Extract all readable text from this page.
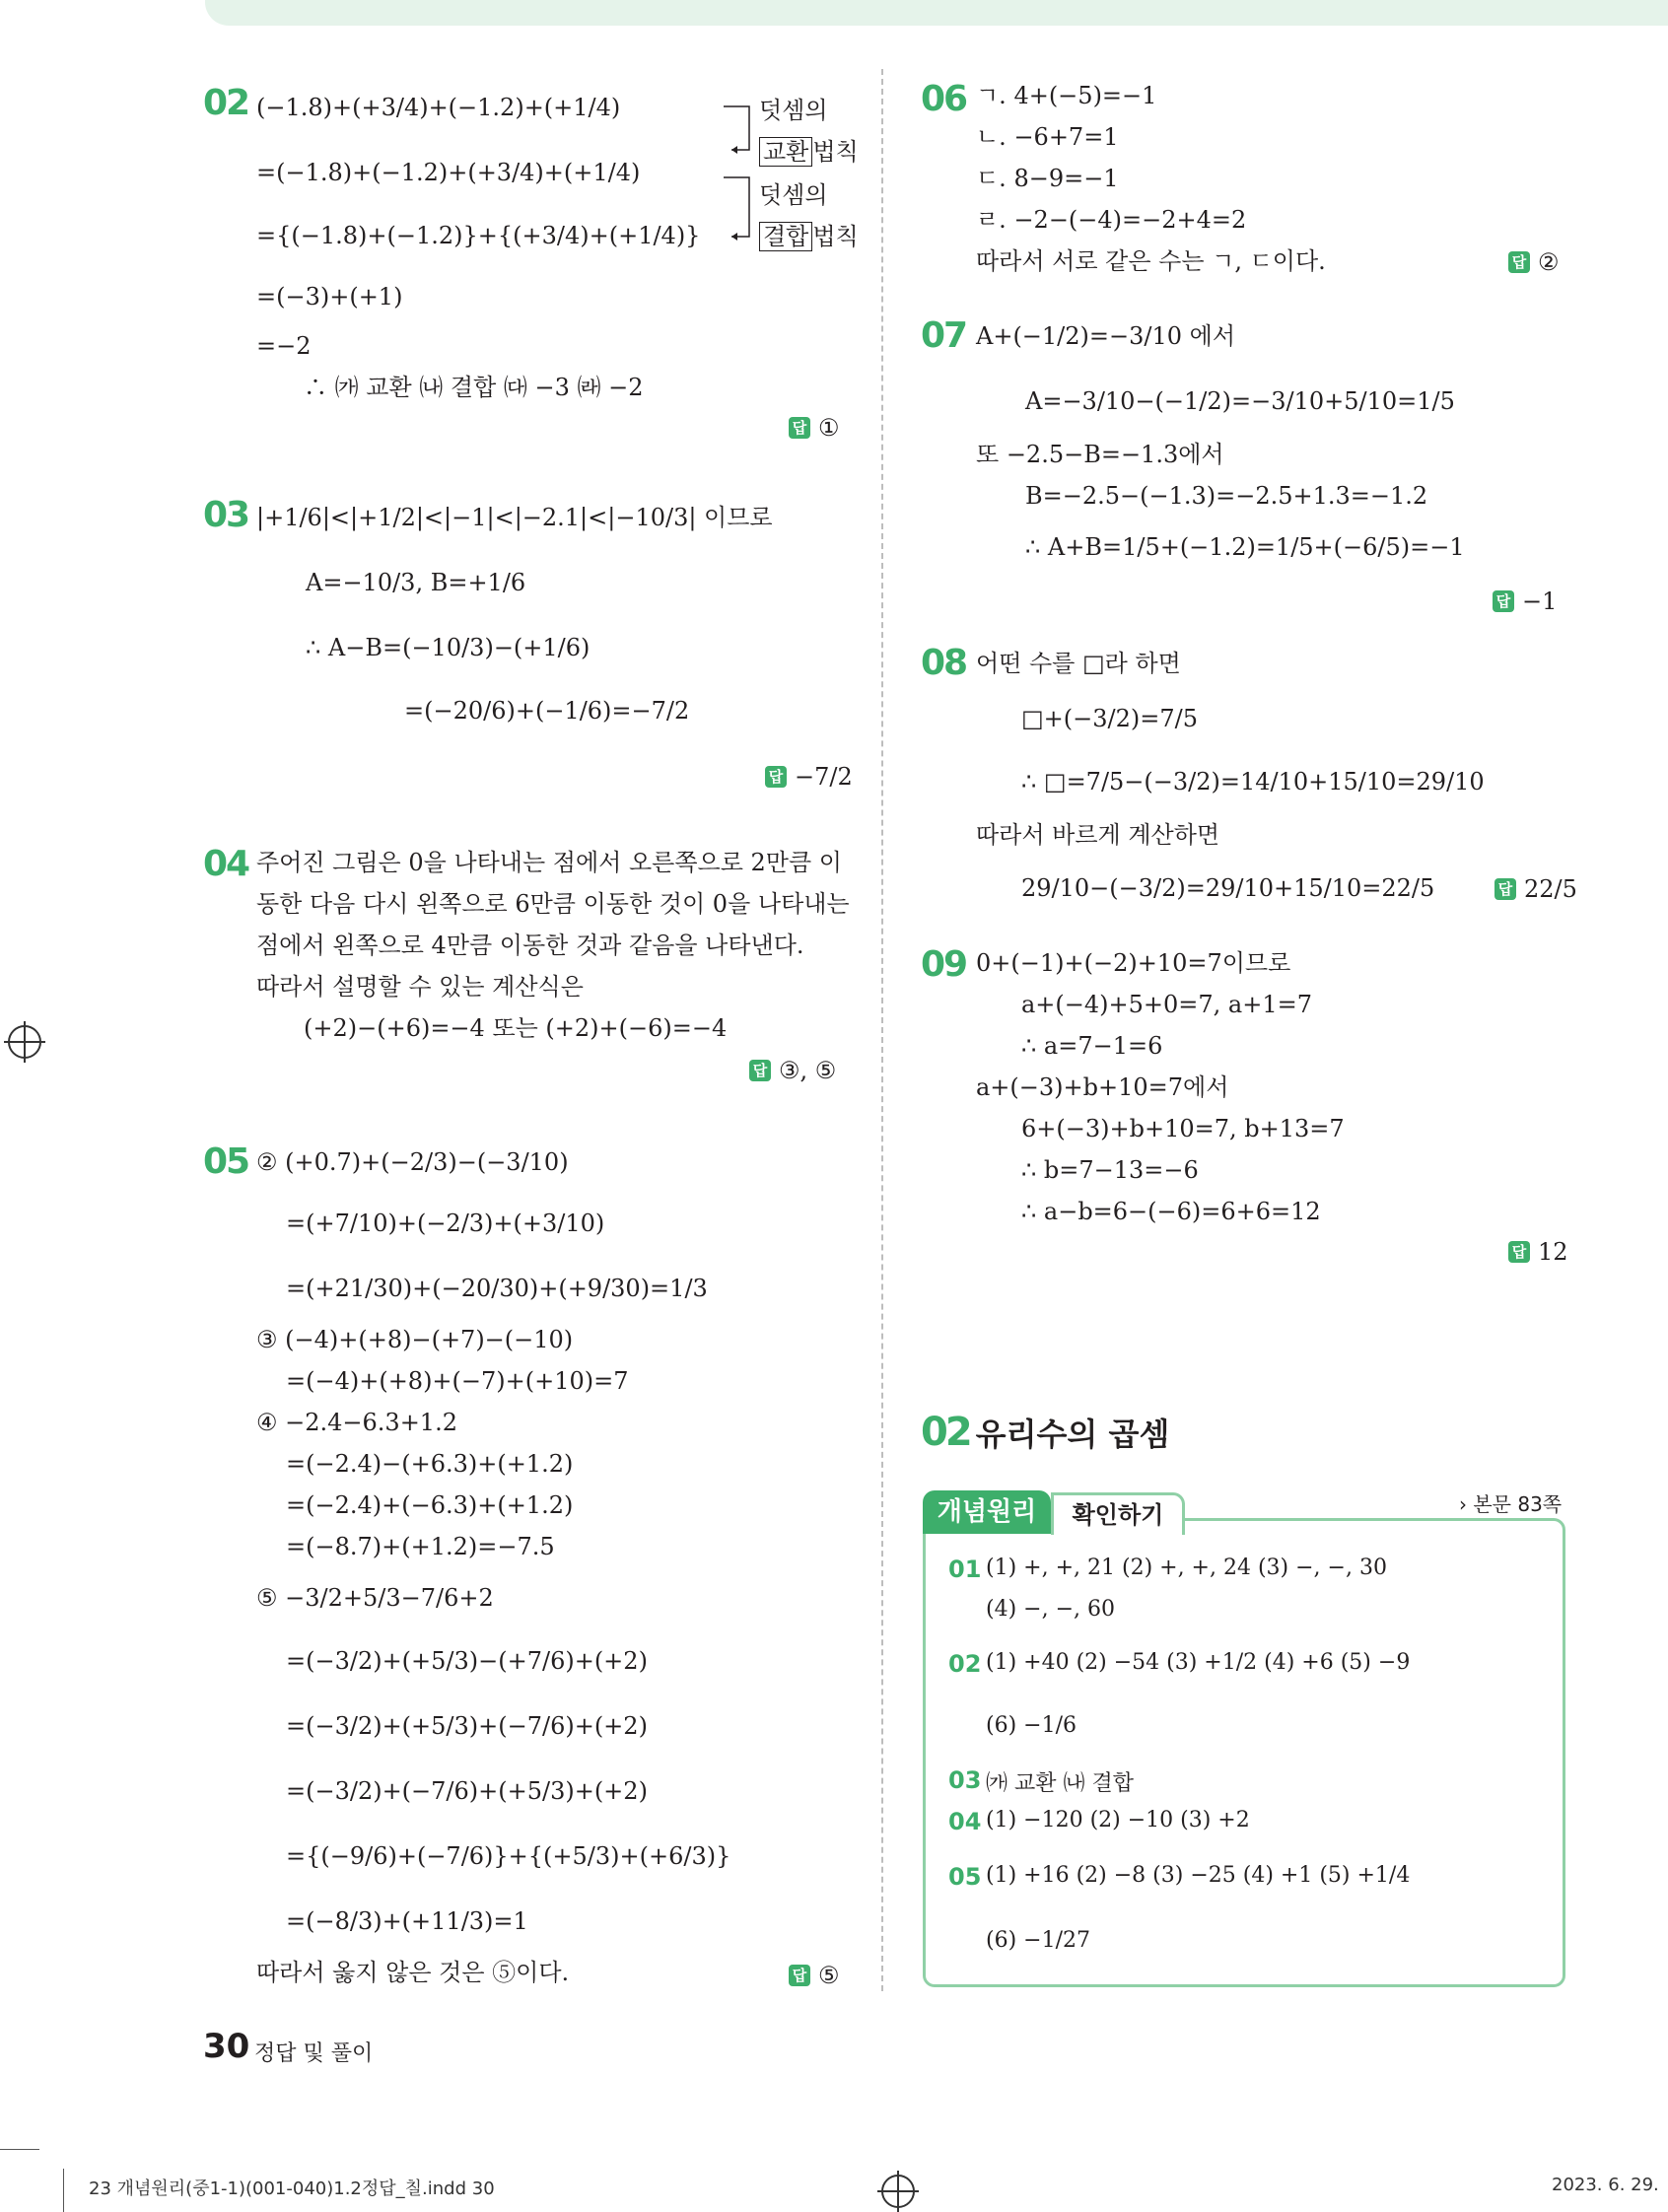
02 (−1.8)+(+3/4)+(−1.2)+(+1/4)
=(−1.8)+(−1.2)+(+3/4)+(+1/4)
={(−1.8)+(−1.2)}+{(+3/4)+(+1/4)}
=(−3)+(+1)
=−2
∴ ㈎ 교환 ㈏ 결합 ㈐ −3 ㈑ −2
덧셈의
교환 법칙
덧셈의
결합 법칙
답 ①
03 |+1/6|<|+1/2|<|−1|<|−2.1|<|−10/3| 이므로
A=−10/3, B=+1/6
∴ A−B=(−10/3)−(+1/6)
=(−20/6)+(−1/6)=−7/2
답 −7/2
04 주어진 그림은 0을 나타내는 점에서 오른쪽으로 2만큼 이
동한 다음 다시 왼쪽으로 6만큼 이동한 것이 0을 나타내는
점에서 왼쪽으로 4만큼 이동한 것과 같음을 나타낸다.
따라서 설명할 수 있는 계산식은
(+2)−(+6)=−4 또는 (+2)+(−6)=−4
답 ③, ⑤
05 ② (+0.7)+(−2/3)−(−3/10)
=(+7/10)+(−2/3)+(+3/10)
=(+21/30)+(−20/30)+(+9/30)=1/3
③ (−4)+(+8)−(+7)−(−10)
=(−4)+(+8)+(−7)+(+10)=7
④ −2.4−6.3+1.2
=(−2.4)−(+6.3)+(+1.2)
=(−2.4)+(−6.3)+(+1.2)
=(−8.7)+(+1.2)=−7.5
⑤ −3/2+5/3−7/6+2
=(−3/2)+(+5/3)−(+7/6)+(+2)
=(−3/2)+(+5/3)+(−7/6)+(+2)
=(−3/2)+(−7/6)+(+5/3)+(+2)
={(−9/6)+(−7/6)}+{(+5/3)+(+6/3)}
=(−8/3)+(+11/3)=1
따라서 옳지 않은 것은 ⑤이다.	답 ⑤
06 ㄱ. 4+(−5)=−1
ㄴ. −6+7=1
ㄷ. 8−9=−1
ㄹ. −2−(−4)=−2+4=2
따라서 서로 같은 수는 ㄱ, ㄷ이다.	답 ②
07 A+(−1/2)=−3/10 에서
A=−3/10−(−1/2)=−3/10+5/10=1/5
또 −2.5−B=−1.3에서
B=−2.5−(−1.3)=−2.5+1.3=−1.2
∴ A+B=1/5+(−1.2)=1/5+(−6/5)=−1
답 −1
08 어떤 수를 □라 하면
□+(−3/2)=7/5
∴ □=7/5−(−3/2)=14/10+15/10=29/10
따라서 바르게 계산하면
29/10−(−3/2)=29/10+15/10=22/5	답 22/5
09 0+(−1)+(−2)+10=7이므로
a+(−4)+5+0=7, a+1=7
∴ a=7−1=6
a+(−3)+b+10=7에서
6+(−3)+b+10=7, b+13=7
∴ b=7−13=−6
∴ a−b=6−(−6)=6+6=12
답 12
02 유리수의 곱셈
개념원리	확인하기	› 본문 83쪽
01 (1) +, +, 21 (2) +, +, 24 (3) −, −, 30
(4) −, −, 60
02 (1) +40 (2) −54 (3) +1/2 (4) +6 (5) −9
(6) −1/6
03 ㈎ 교환 ㈏ 결합
04 (1) −120 (2) −10 (3) +2
05 (1) +16 (2) −8 (3) −25 (4) +1 (5) +1/4
(6) −1/27
30 정답 및 풀이
23 개념원리(중1-1)(001-040)1.2정답_칠.indd 30	2023. 6. 29.
